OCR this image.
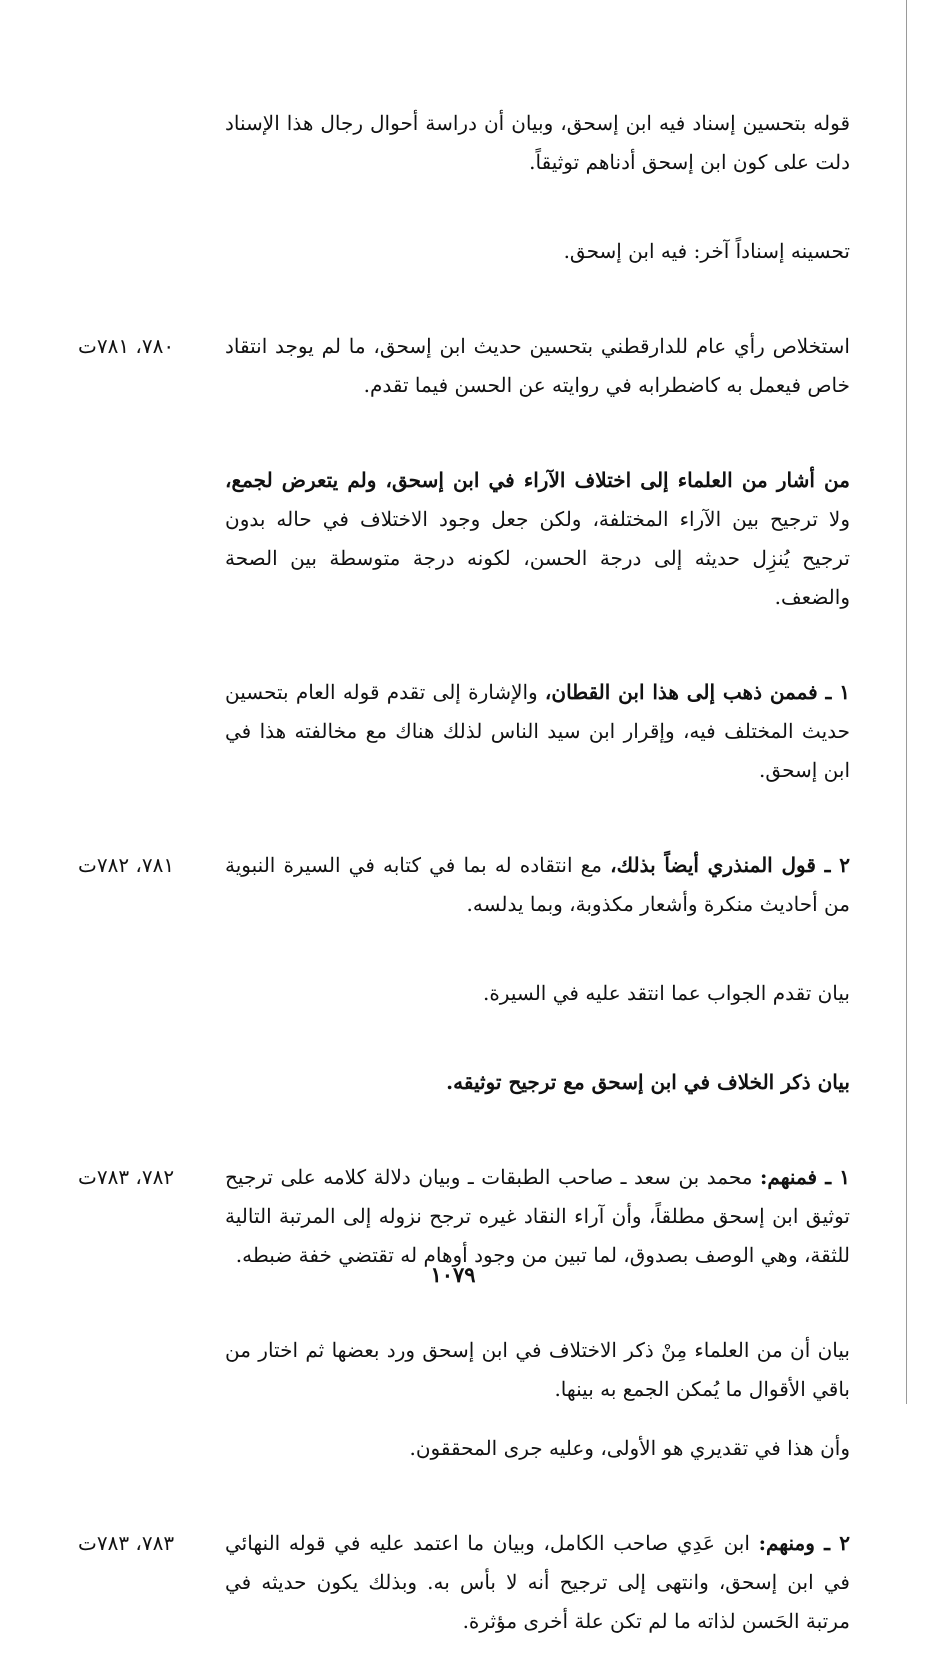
قوله بتحسين إسناد فيه ابن إسحق، وبيان أن دراسة أحوال رجال هذا الإسناد دلت على كون ابن إسحق أدناهم توثيقاً.

تحسينه إسناداً آخر: فيه ابن إسحق.

٧٨٠، ٧٨١ت	استخلاص رأي عام للدارقطني بتحسين حديث ابن إسحق، ما لم يوجد انتقاد خاص فيعمل به كاضطرابه في روايته عن الحسن فيما تقدم.

من أشار من العلماء إلى اختلاف الآراء في ابن إسحق، ولم يتعرض لجمع، ولا ترجيح بين الآراء المختلفة، ولكن جعل وجود الاختلاف في حاله بدون ترجيح يُنزِل حديثه إلى درجة الحسن، لكونه درجة متوسطة بين الصحة والضعف.

١ ـ فممن ذهب إلى هذا ابن القطان، والإشارة إلى تقدم قوله العام بتحسين حديث المختلف فيه، وإقرار ابن سيد الناس لذلك هناك مع مخالفته هذا في ابن إسحق.

٧٨١، ٧٨٢ت	٢ ـ قول المنذري أيضاً بذلك، مع انتقاده له بما في كتابه في السيرة النبوية من أحاديث منكرة وأشعار مكذوبة، وبما يدلسه.

بيان تقدم الجواب عما انتقد عليه في السيرة.

بيان ذكر الخلاف في ابن إسحق مع ترجيح توثيقه.

٧٨٢، ٧٨٣ت	١ ـ فمنهم: محمد بن سعد ـ صاحب الطبقات ـ وبيان دلالة كلامه على ترجيح توثيق ابن إسحق مطلقاً، وأن آراء النقاد غيره ترجح نزوله إلى المرتبة التالية للثقة، وهي الوصف بصدوق، لما تبين من وجود أوهام له تقتضي خفة ضبطه.

بيان أن من العلماء مِنْ ذكر الاختلاف في ابن إسحق ورد بعضها ثم اختار من باقي الأقوال ما يُمكن الجمع به بينها.

وأن هذا في تقديري هو الأولى، وعليه جرى المحققون.

٧٨٣، ٧٨٣ت	٢ ـ ومنهم: ابن عَدِي صاحب الكامل، وبيان ما اعتمد عليه في قوله النهائي في ابن إسحق، وانتهى إلى ترجيح أنه لا بأس به. وبذلك يكون حديثه في مرتبة الحَسن لذاته ما لم تكن علة أخرى مؤثرة.

١٠٧٩
